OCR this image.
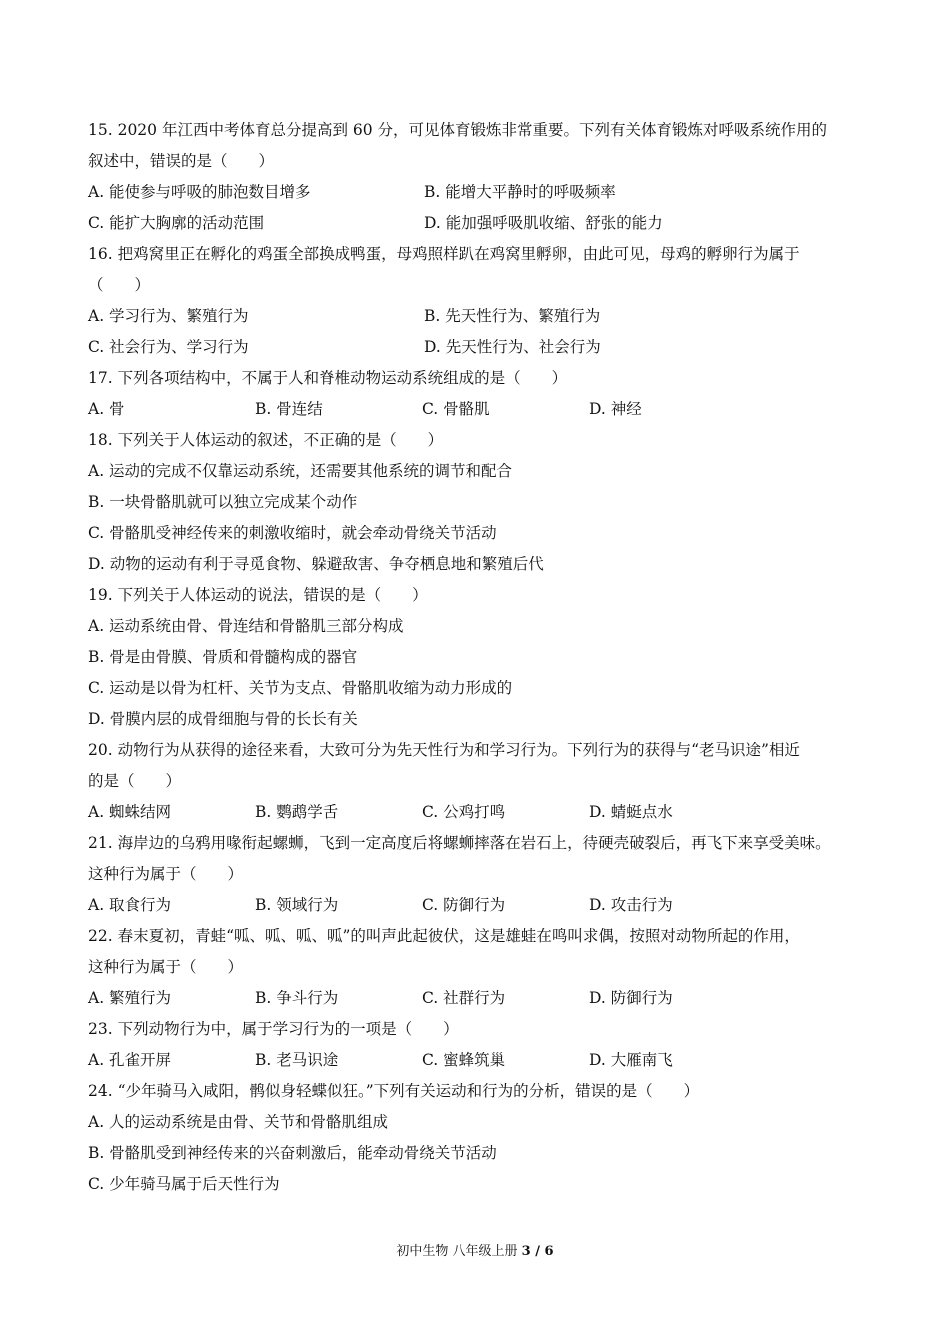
15. 2020 年江西中考体育总分提高到 60 分，可见体育锻炼非常重要。下列有关体育锻炼对呼吸系统作用的
叙述中，错误的是（　　）
A. 能使参与呼吸的肺泡数目增多	B. 能增大平静时的呼吸频率
C. 能扩大胸廓的活动范围	D. 能加强呼吸肌收缩、舒张的能力
16. 把鸡窝里正在孵化的鸡蛋全部换成鸭蛋，母鸡照样趴在鸡窝里孵卵，由此可见，母鸡的孵卵行为属于
（　　）
A. 学习行为、繁殖行为	B. 先天性行为、繁殖行为
C. 社会行为、学习行为	D. 先天性行为、社会行为
17. 下列各项结构中，不属于人和脊椎动物运动系统组成的是（　　）
A. 骨	B. 骨连结	C. 骨骼肌	D. 神经
18. 下列关于人体运动的叙述，不正确的是（　　）
A. 运动的完成不仅靠运动系统，还需要其他系统的调节和配合
B. 一块骨骼肌就可以独立完成某个动作
C. 骨骼肌受神经传来的刺激收缩时，就会牵动骨绕关节活动
D. 动物的运动有利于寻觅食物、躲避敌害、争夺栖息地和繁殖后代
19. 下列关于人体运动的说法，错误的是（　　）
A. 运动系统由骨、骨连结和骨骼肌三部分构成
B. 骨是由骨膜、骨质和骨髓构成的器官
C. 运动是以骨为杠杆、关节为支点、骨骼肌收缩为动力形成的
D. 骨膜内层的成骨细胞与骨的长长有关
20. 动物行为从获得的途径来看，大致可分为先天性行为和学习行为。下列行为的获得与“老马识途”相近
的是（　　）
A. 蜘蛛结网	B. 鹦鹉学舌	C. 公鸡打鸣	D. 蜻蜓点水
21. 海岸边的乌鸦用喙衔起螺蛳，飞到一定高度后将螺蛳摔落在岩石上，待硬壳破裂后，再飞下来享受美味。
这种行为属于（　　）
A. 取食行为	B. 领域行为	C. 防御行为	D. 攻击行为
22. 春末夏初，青蛙“呱、呱、呱、呱”的叫声此起彼伏，这是雄蛙在鸣叫求偶，按照对动物所起的作用，
这种行为属于（　　）
A. 繁殖行为	B. 争斗行为	C. 社群行为	D. 防御行为
23. 下列动物行为中，属于学习行为的一项是（　　）
A. 孔雀开屏	B. 老马识途	C. 蜜蜂筑巢	D. 大雁南飞
24. “少年骑马入咸阳，鹘似身轻蝶似狂。”下列有关运动和行为的分析，错误的是（　　）
A. 人的运动系统是由骨、关节和骨骼肌组成
B. 骨骼肌受到神经传来的兴奋刺激后，能牵动骨绕关节活动
C. 少年骑马属于后天性行为
初中生物 八年级上册 3 / 6
